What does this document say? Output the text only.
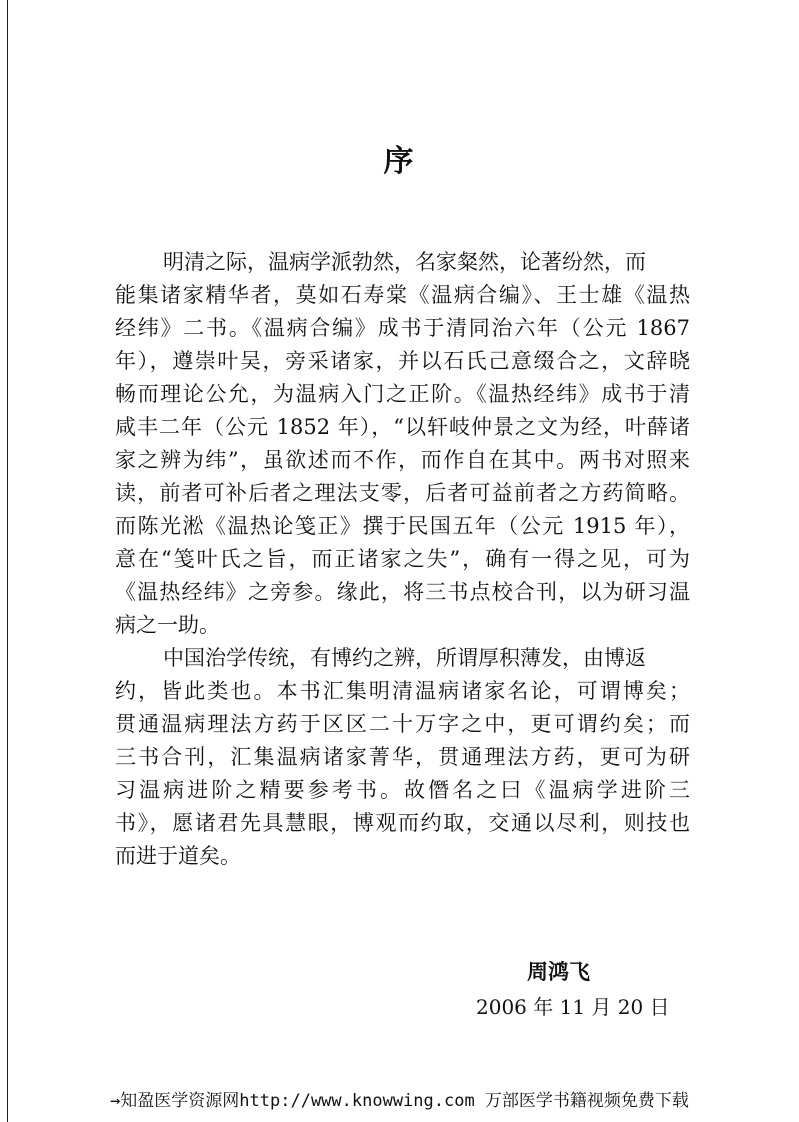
序
明清之际，温病学派勃然，名家粲然，论著纷然，而
能集诸家精华者，莫如石寿棠《温病合编》、王士雄《温热
经纬》二书。《温病合编》成书于清同治六年（公元 1867
年），遵崇叶吴，旁采诸家，并以石氏己意缀合之，文辞晓
畅而理论公允，为温病入门之正阶。《温热经纬》成书于清
咸丰二年（公元 1852 年），“以轩岐仲景之文为经，叶薛诸
家之辨为纬”，虽欲述而不作，而作自在其中。两书对照来
读，前者可补后者之理法支零，后者可益前者之方药简略。
而陈光淞《温热论笺正》撰于民国五年（公元 1915 年），
意在“笺叶氏之旨，而正诸家之失”，确有一得之见，可为
《温热经纬》之旁参。缘此，将三书点校合刊，以为研习温
病之一助。
中国治学传统，有博约之辨，所谓厚积薄发，由博返
约，皆此类也。本书汇集明清温病诸家名论，可谓博矣；
贯通温病理法方药于区区二十万字之中，更可谓约矣；而
三书合刊，汇集温病诸家菁华，贯通理法方药，更可为研
习温病进阶之精要参考书。故僭名之曰《温病学进阶三
书》，愿诸君先具慧眼，博观而约取，交通以尽利，则技也
而进于道矣。
周鸿飞
2006 年 11 月 20 日
→知盈医学资源网http://www.knowwing.com 万部医学书籍视频免费下载
